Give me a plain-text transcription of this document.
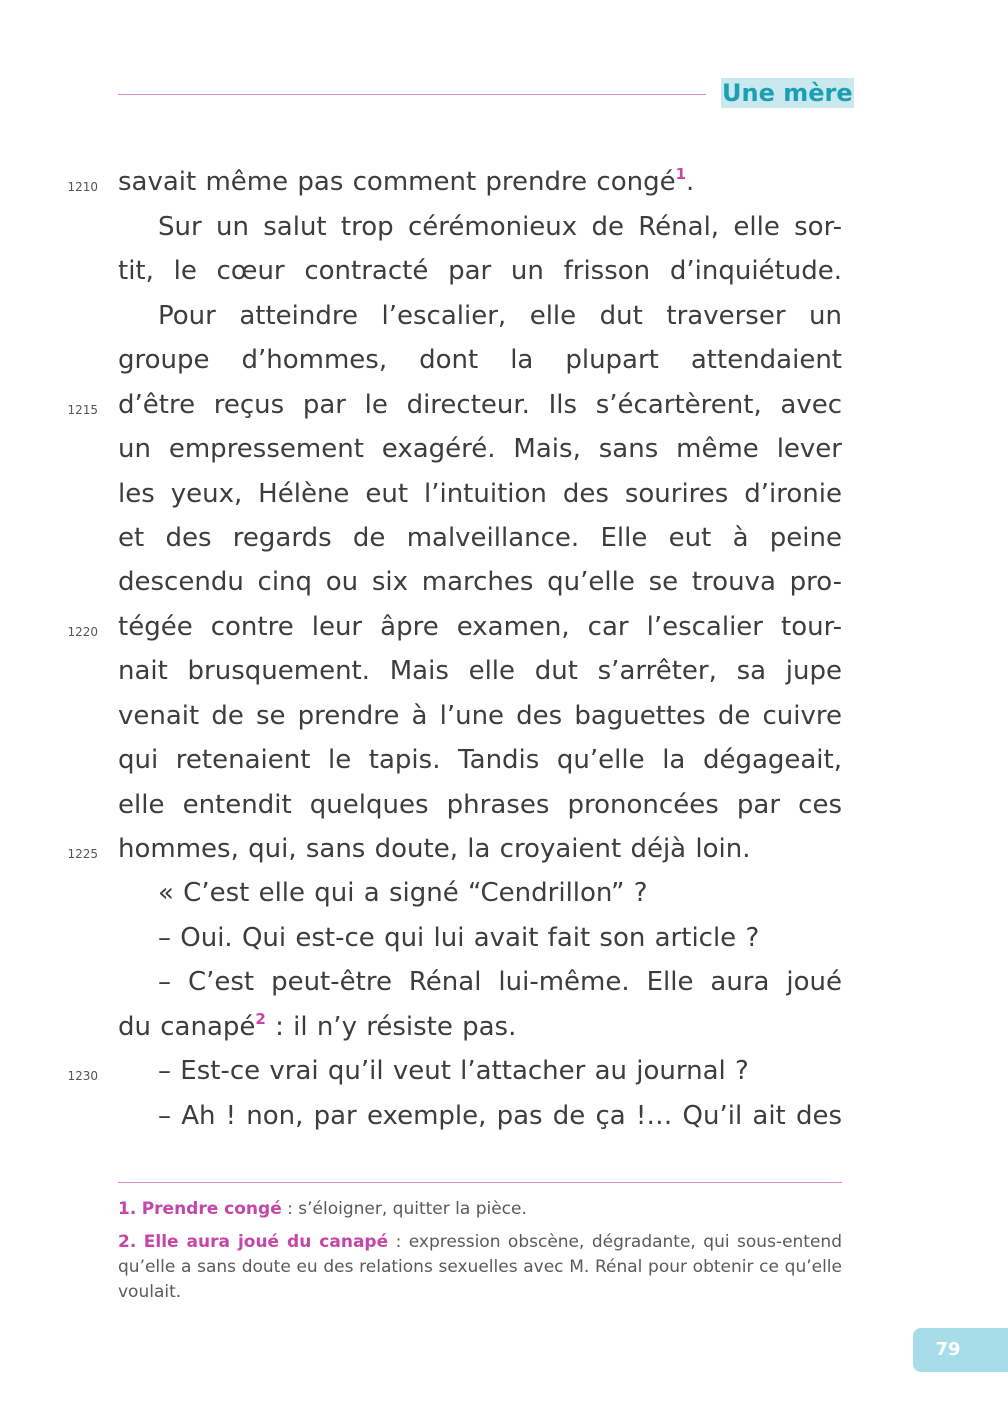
Une mère
1210
1215
1220
1225
1230
savait même pas comment prendre congé$^1$.
Sur un salut trop cérémonieux de Rénal, elle sor-
tit, le cœur contracté par un frisson d’inquiétude.
Pour atteindre l’escalier, elle dut traverser un
groupe d’hommes, dont la plupart attendaient
d’être reçus par le directeur. Ils s’écartèrent, avec
un empressement exagéré. Mais, sans même lever
les yeux, Hélène eut l’intuition des sourires d’ironie
et des regards de malveillance. Elle eut à peine
descendu cinq ou six marches qu’elle se trouva pro-
tégée contre leur âpre examen, car l’escalier tour-
nait brusquement. Mais elle dut s’arrêter, sa jupe
venait de se prendre à l’une des baguettes de cuivre
qui retenaient le tapis. Tandis qu’elle la dégageait,
elle entendit quelques phrases prononcées par ces
hommes, qui, sans doute, la croyaient déjà loin.
« C’est elle qui a signé “Cendrillon” ?
– Oui. Qui est-ce qui lui avait fait son article ?
– C’est peut-être Rénal lui-même. Elle aura joué
du canapé$^2$ : il n’y résiste pas.
– Est-ce vrai qu’il veut l’attacher au journal ?
– Ah ! non, par exemple, pas de ça !… Qu’il ait des
1. Prendre congé : s’éloigner, quitter la pièce.
2. Elle aura joué du canapé : expression obscène, dégradante, qui sous-entend qu’elle a sans doute eu des relations sexuelles avec M. Rénal pour obtenir ce qu’elle voulait.
79
